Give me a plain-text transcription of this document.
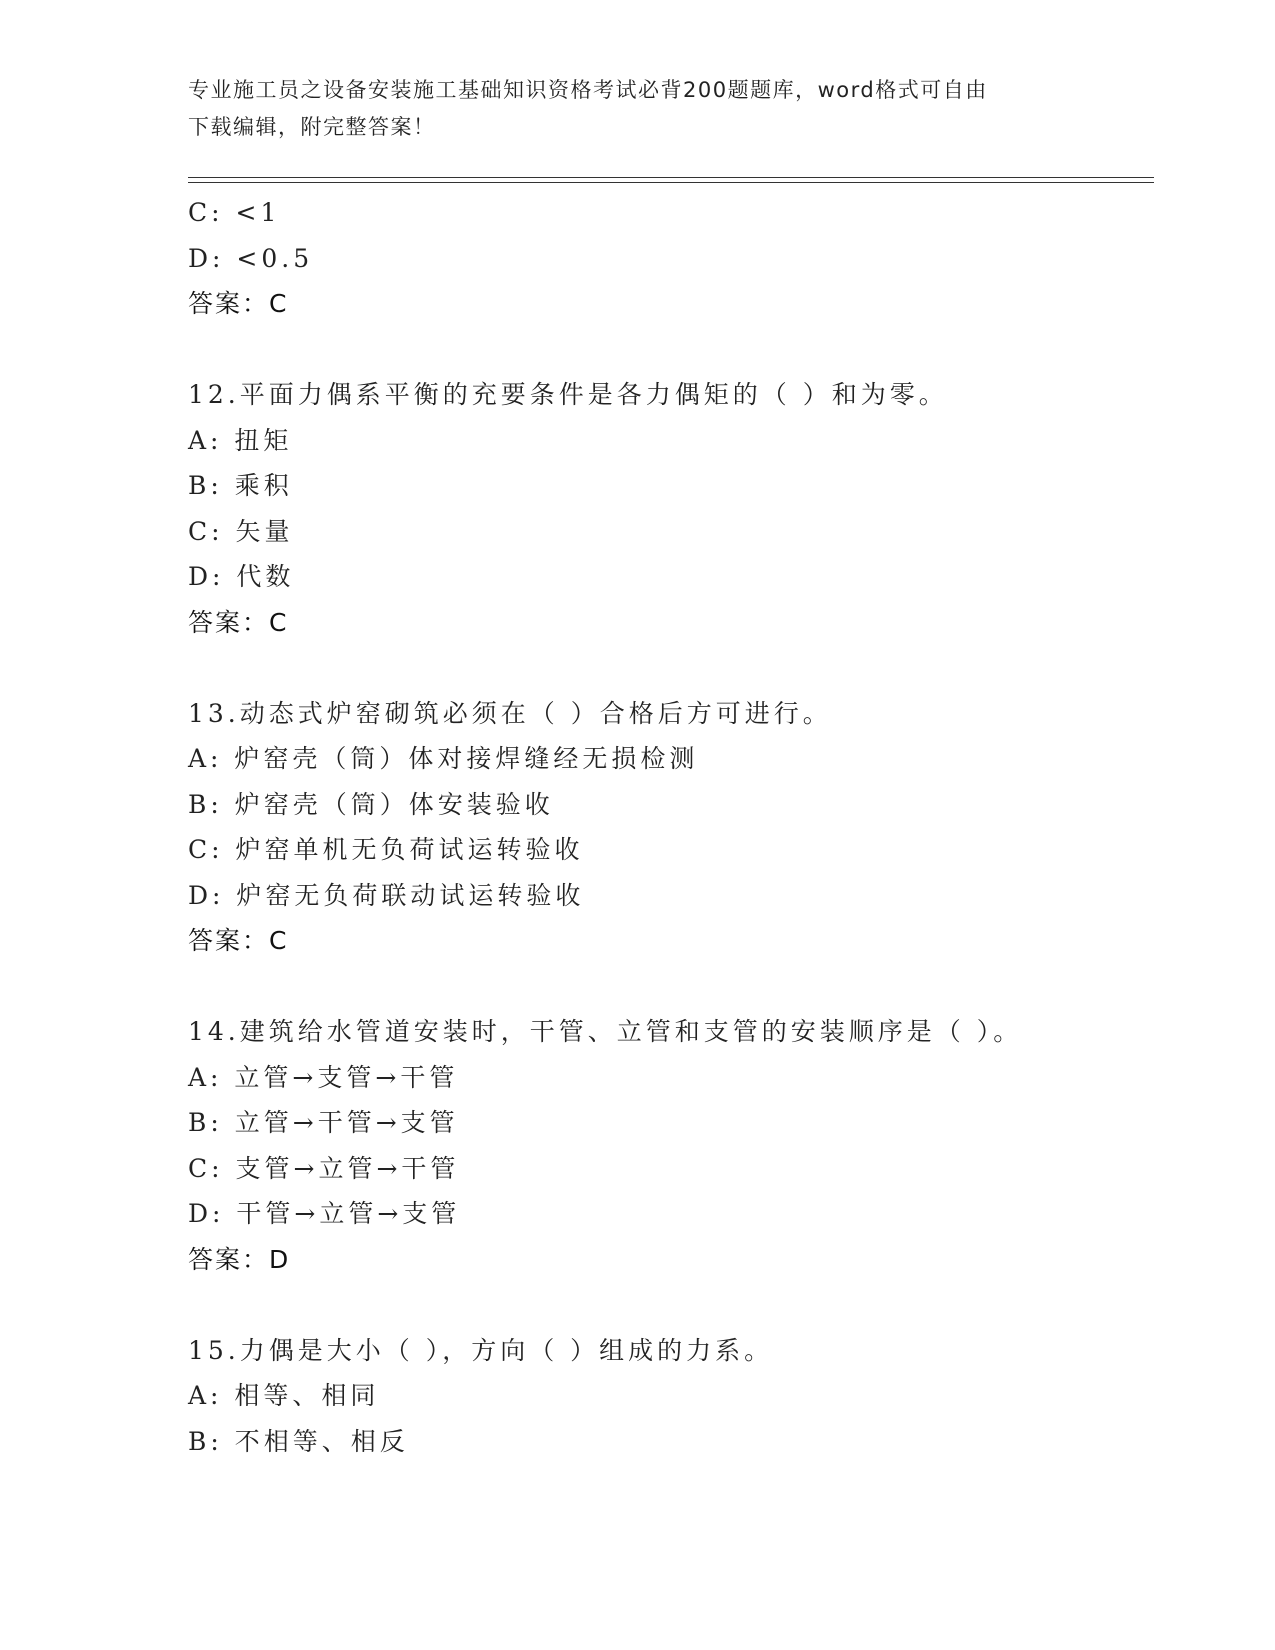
专业施工员之设备安装施工基础知识资格考试必背200题题库，word格式可自由
下载编辑，附完整答案！
C: <1
D: <0.5
答案：C
12.平面力偶系平衡的充要条件是各力偶矩的（ ）和为零。
A: 扭矩
B: 乘积
C: 矢量
D: 代数
答案：C
13.动态式炉窑砌筑必须在（ ）合格后方可进行。
A: 炉窑壳（筒）体对接焊缝经无损检测
B: 炉窑壳（筒）体安装验收
C: 炉窑单机无负荷试运转验收
D: 炉窑无负荷联动试运转验收
答案：C
14.建筑给水管道安装时，干管、立管和支管的安装顺序是（ ）。
A: 立管→支管→干管
B: 立管→干管→支管
C: 支管→立管→干管
D: 干管→立管→支管
答案：D
15.力偶是大小（ ），方向（ ）组成的力系。
A: 相等、相同
B: 不相等、相反
